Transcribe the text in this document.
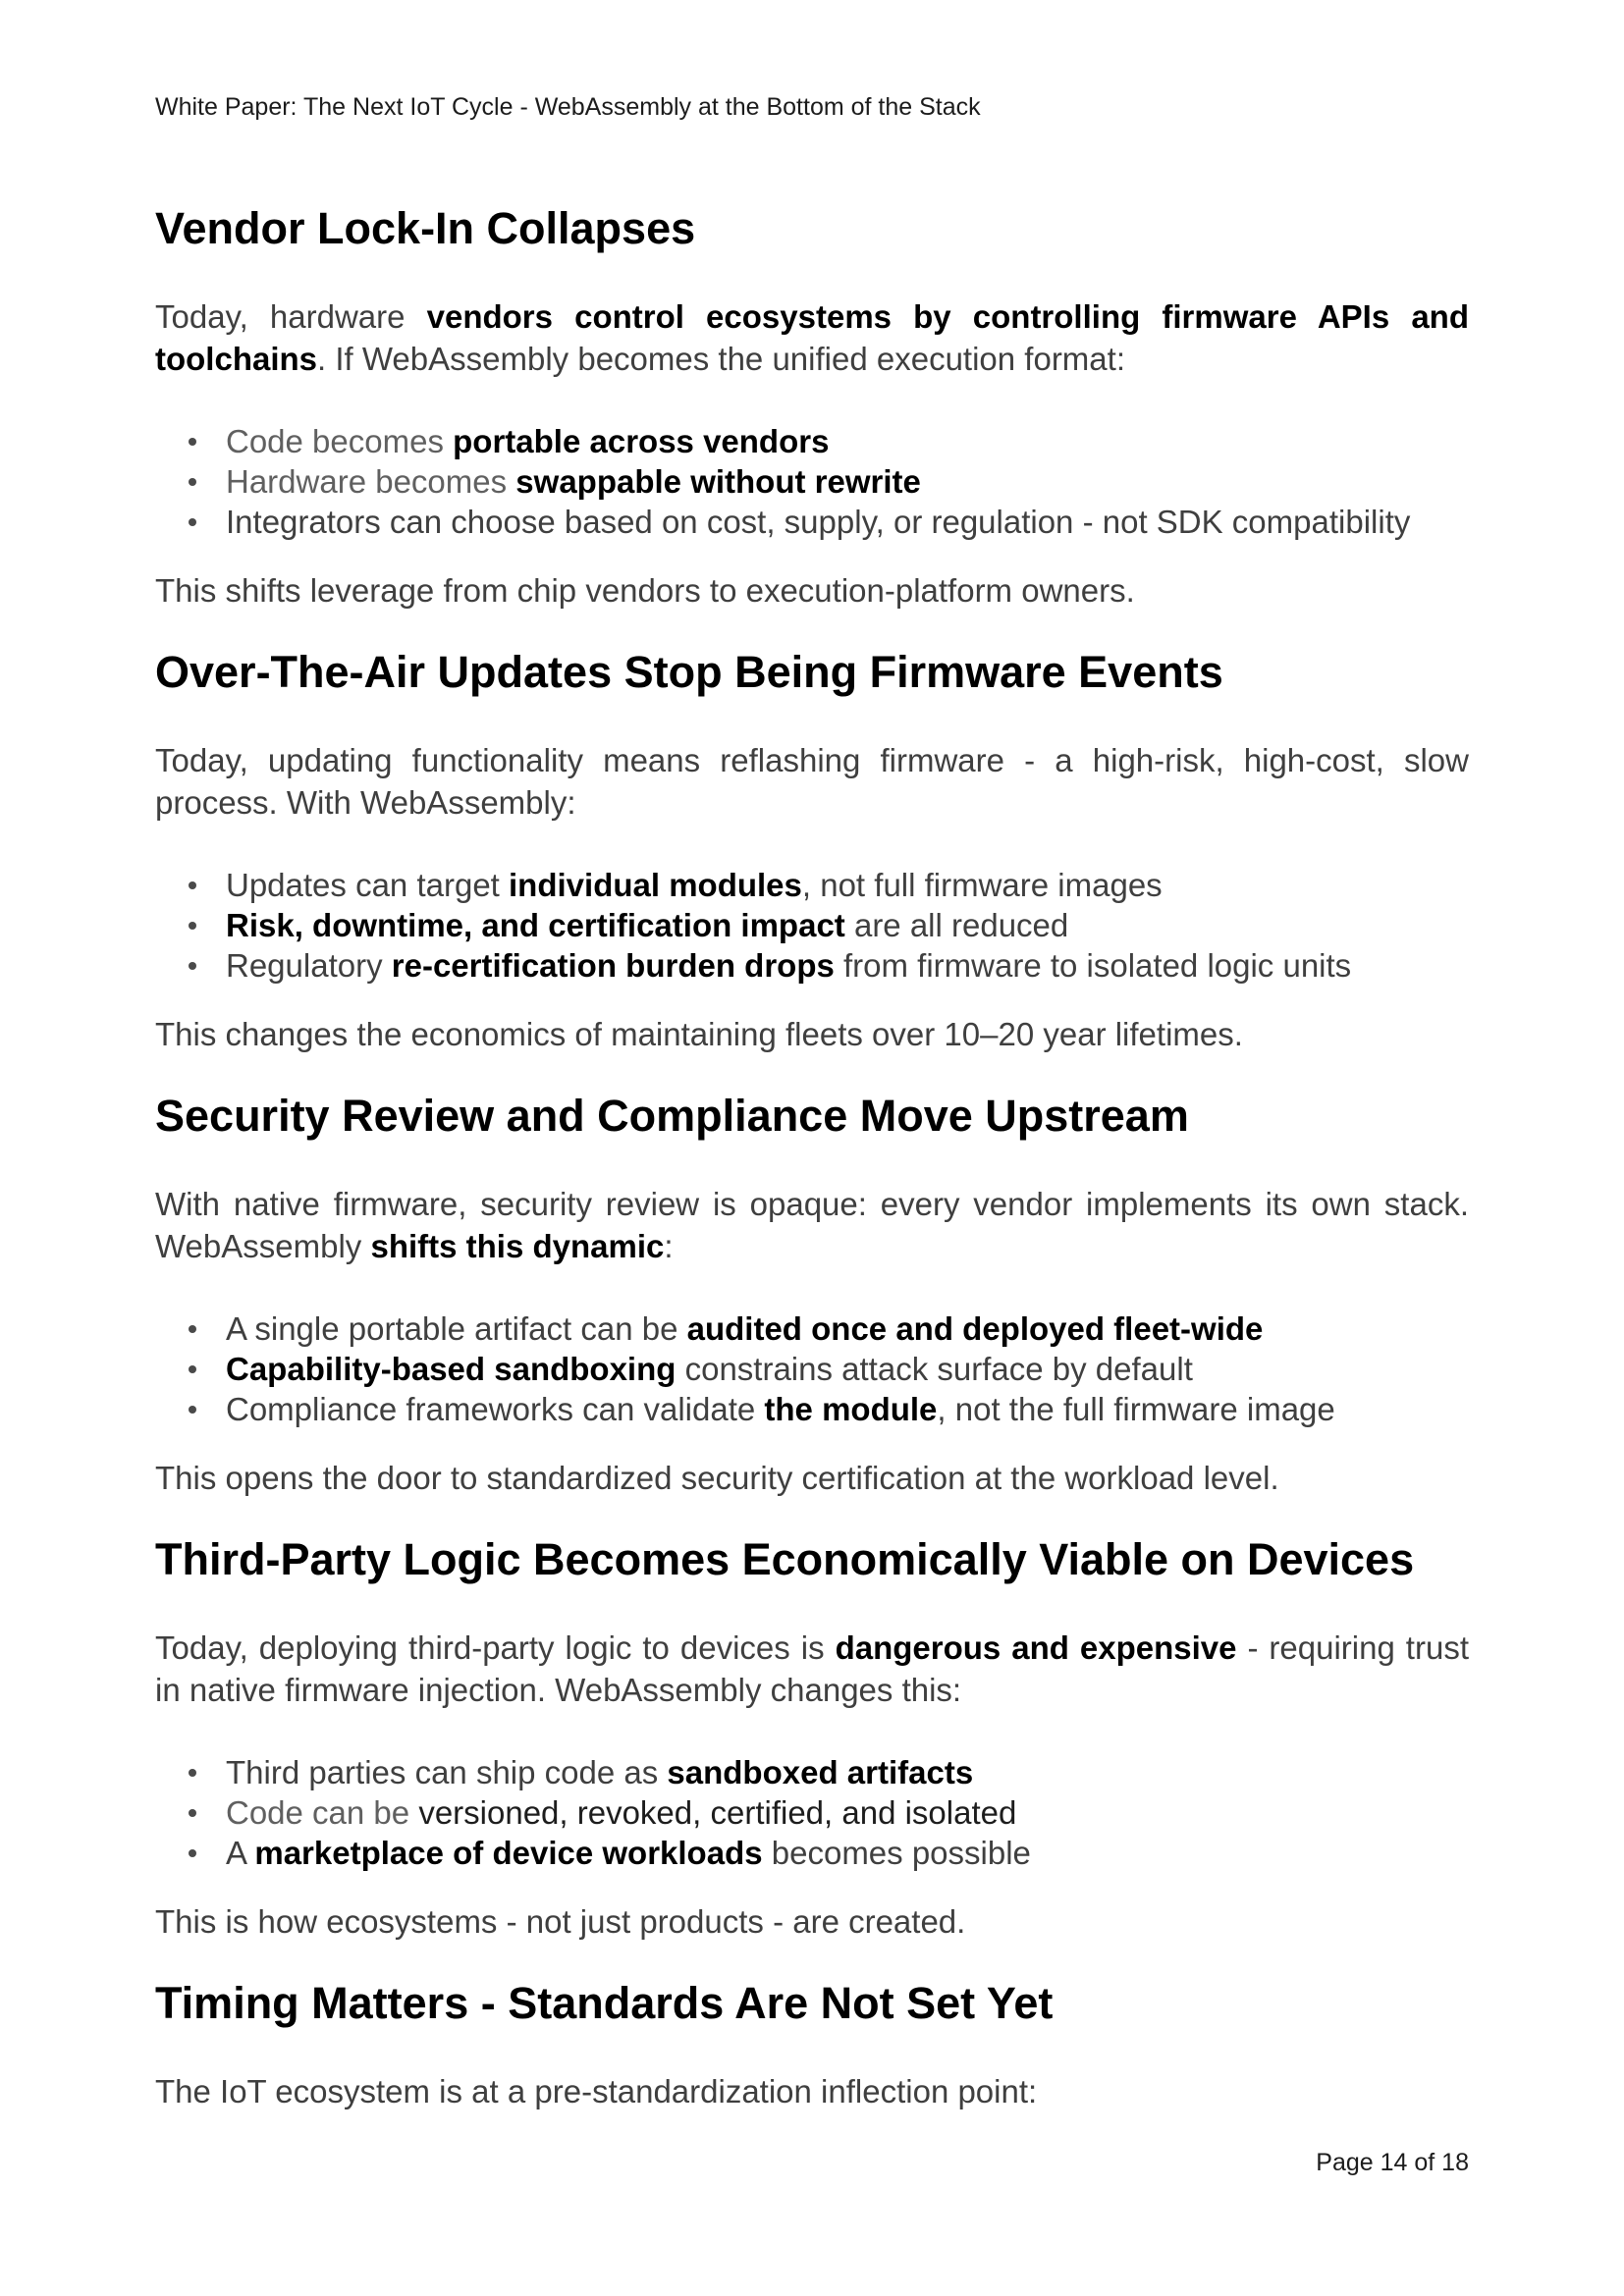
White Paper: The Next IoT Cycle - WebAssembly at the Bottom of the Stack
Vendor Lock-In Collapses

Today, hardware vendors control ecosystems by controlling firmware APIs and toolchains. If WebAssembly becomes the unified execution format:

Code becomes portable across vendors
Hardware becomes swappable without rewrite
Integrators can choose based on cost, supply, or regulation - not SDK compatibility

This shifts leverage from chip vendors to execution-platform owners.

Over-The-Air Updates Stop Being Firmware Events

Today, updating functionality means reflashing firmware - a high-risk, high-cost, slow process. With WebAssembly:

Updates can target individual modules, not full firmware images
Risk, downtime, and certification impact are all reduced
Regulatory re-certification burden drops from firmware to isolated logic units

This changes the economics of maintaining fleets over 10–20 year lifetimes.

Security Review and Compliance Move Upstream

With native firmware, security review is opaque: every vendor implements its own stack. WebAssembly shifts this dynamic:

A single portable artifact can be audited once and deployed fleet-wide
Capability-based sandboxing constrains attack surface by default
Compliance frameworks can validate the module, not the full firmware image

This opens the door to standardized security certification at the workload level.

Third-Party Logic Becomes Economically Viable on Devices

Today, deploying third-party logic to devices is dangerous and expensive - requiring trust in native firmware injection. WebAssembly changes this:

Third parties can ship code as sandboxed artifacts
Code can be versioned, revoked, certified, and isolated
A marketplace of device workloads becomes possible

This is how ecosystems - not just products - are created.

Timing Matters - Standards Are Not Set Yet

The IoT ecosystem is at a pre-standardization inflection point:

Page 14 of 18
